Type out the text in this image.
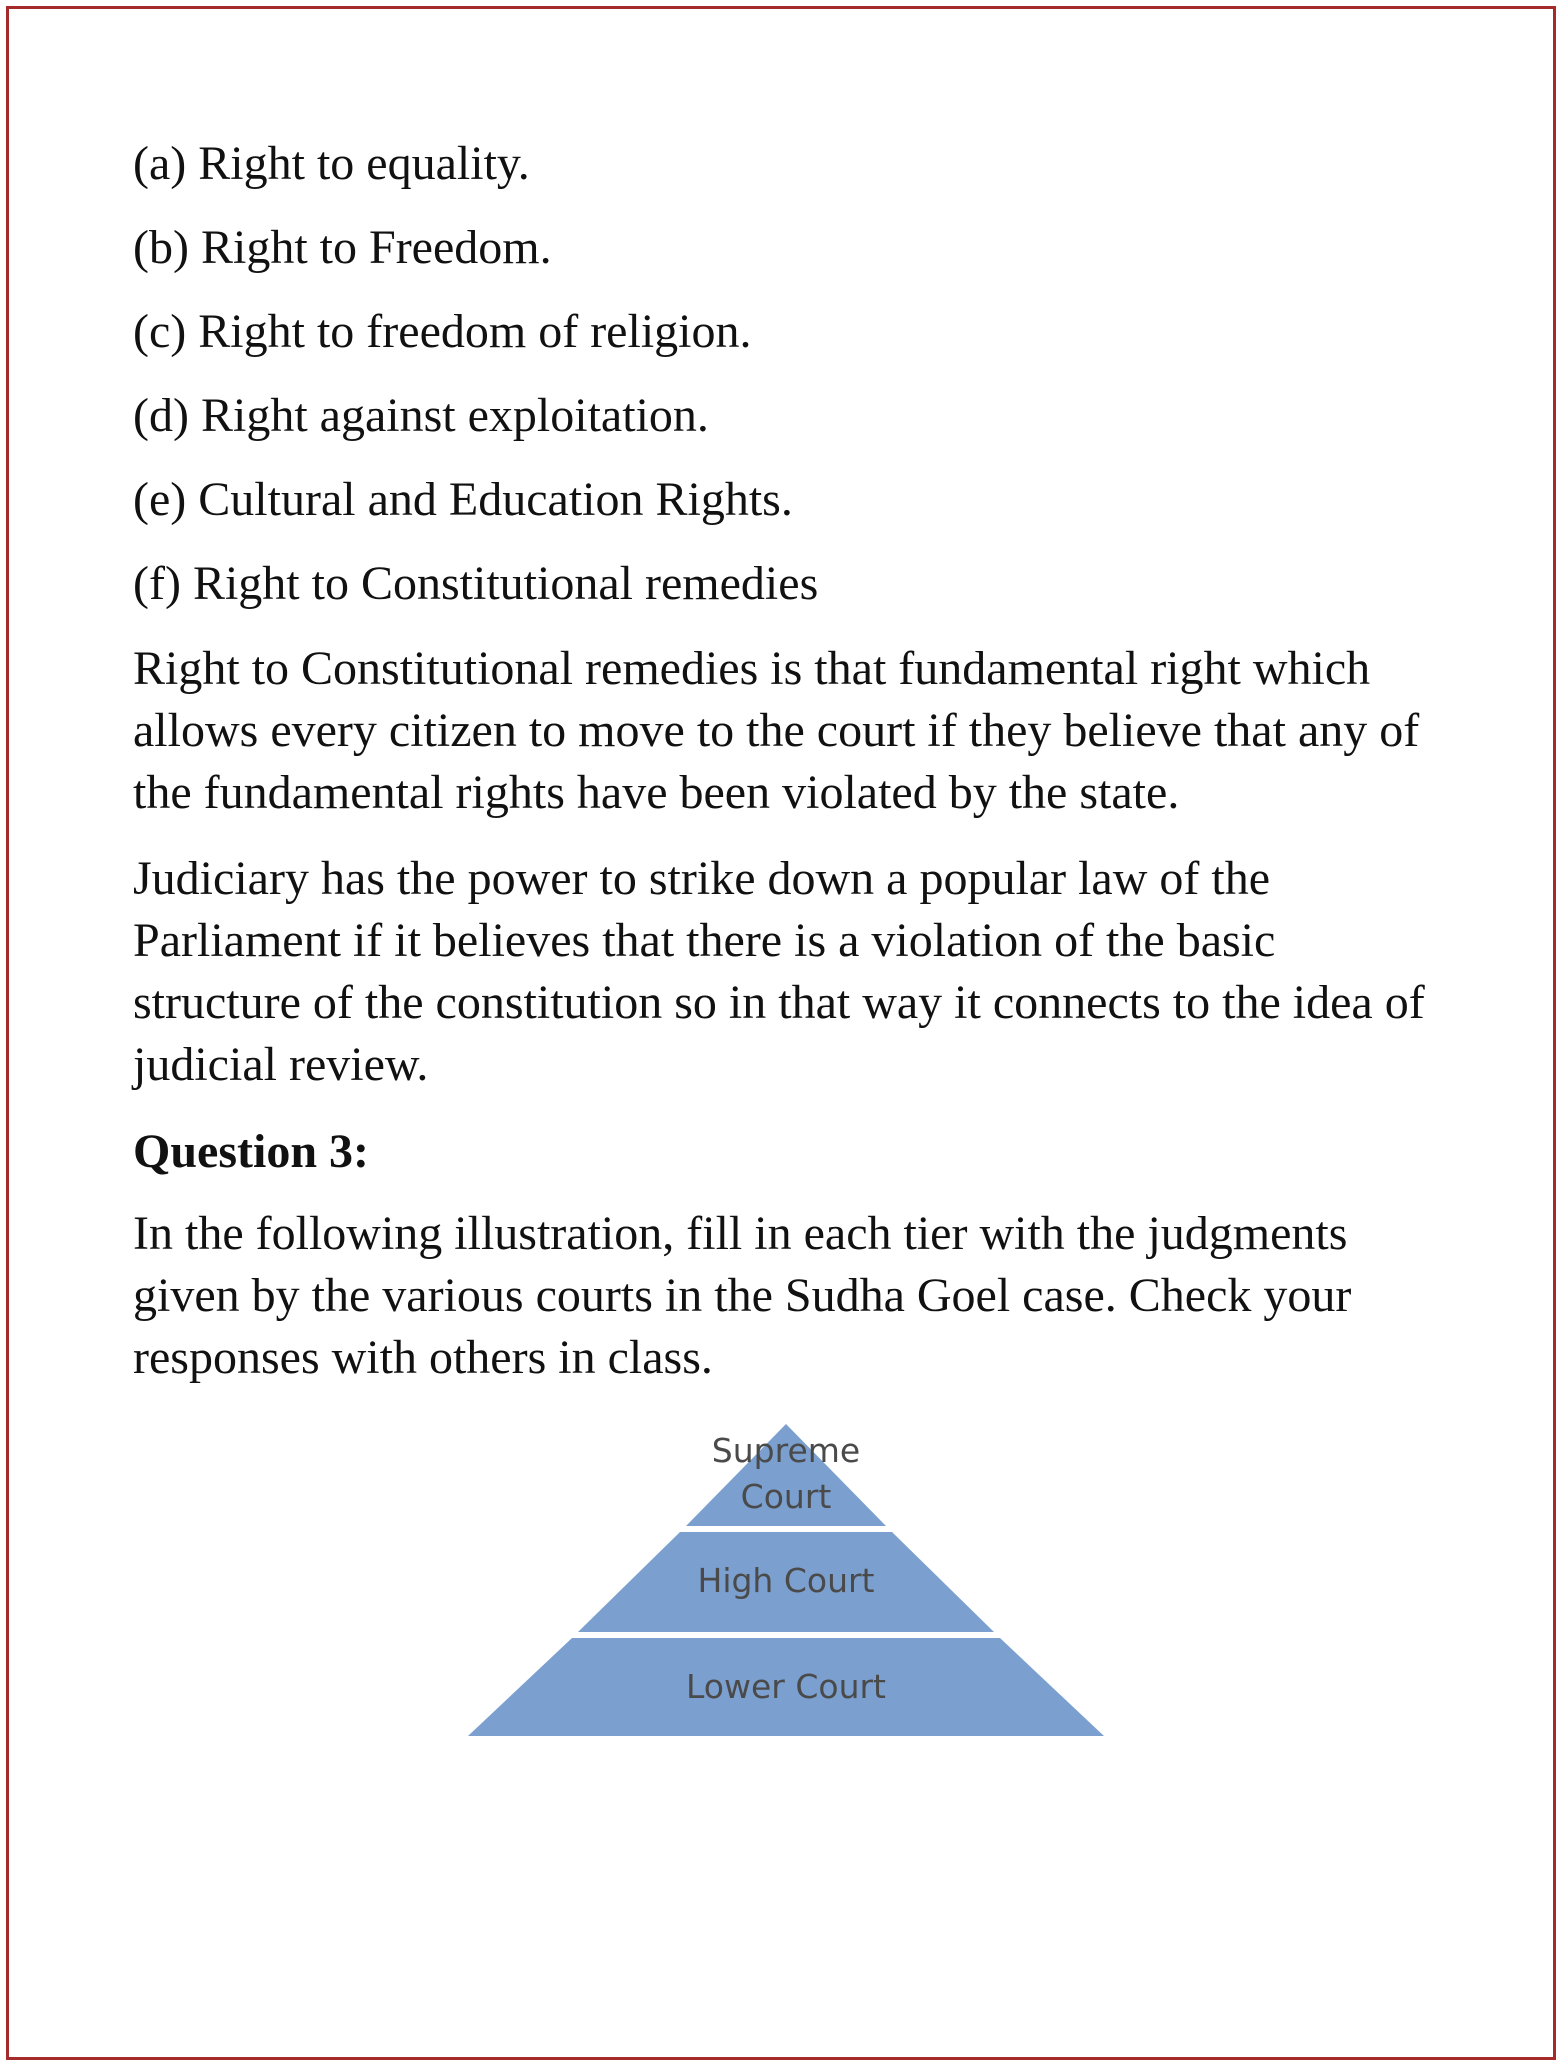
(a) Right to equality.
(b) Right to Freedom.
(c) Right to freedom of religion.
(d) Right against exploitation.
(e) Cultural and Education Rights.
(f) Right to Constitutional remedies
Right to Constitutional remedies is that fundamental right which allows every citizen to move to the court if they believe that any of the fundamental rights have been violated by the state.
Judiciary has the power to strike down a popular law of the Parliament if it believes that there is a violation of the basic structure of the constitution so in that way it connects to the idea of judicial review.
Question 3:
In the following illustration, fill in each tier with the judgments given by the various courts in the Sudha Goel case. Check your responses with others in class.
Supreme
Court
High Court
Lower Court
